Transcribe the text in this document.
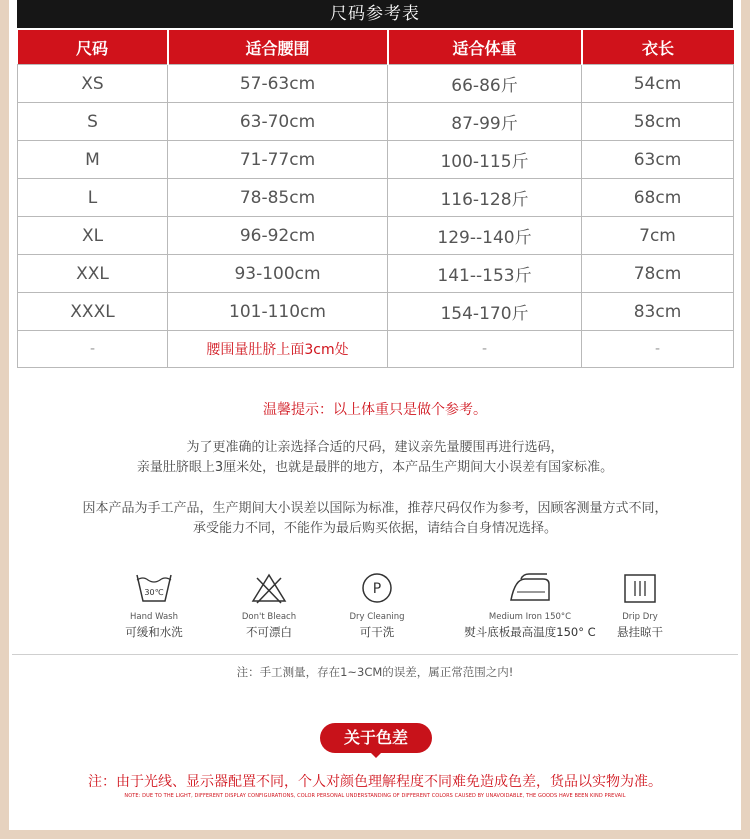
尺码参考表
尺码	适合腰围	适合体重	衣长
XS	57-63cm	66-86斤	54cm
S	63-70cm	87-99斤	58cm
M	71-77cm	100-115斤	63cm
L	78-85cm	116-128斤	68cm
XL	96-92cm	129--140斤	7cm
XXL	93-100cm	141--153斤	78cm
XXXL	101-110cm	154-170斤	83cm
-	腰围量肚脐上面3cm处	-	-
温馨提示：以上体重只是做个参考。
为了更准确的让亲选择合适的尺码，建议亲先量腰围再进行选码，
亲量肚脐眼上3厘米处，也就是最胖的地方，本产品生产期间大小误差有国家标准。
因本产品为手工产品，生产期间大小误差以国际为标准，推荐尺码仅作为参考，因顾客测量方式不同，
承受能力不同，不能作为最后购买依据，请结合自身情况选择。
30℃
Hand Wash
可缓和水洗
Don't Bleach
不可漂白
P
Dry Cleaning
可干洗
Medium Iron 150°C
熨斗底板最高温度150° C
Drip Dry
悬挂晾干
注：手工测量，存在1~3CM的误差，属正常范围之内!
关于色差
注：由于光线、显示器配置不同，个人对颜色理解程度不同难免造成色差，货品以实物为准。
NOTE: DUE TO THE LIGHT, DIFFERENT DISPLAY CONFIGURATIONS, COLOR PERSONAL UNDERSTANDING OF DIFFERENT COLORS CAUSED BY UNAVOIDABLE, THE GOODS HAVE BEEN KIND PREVAIL
